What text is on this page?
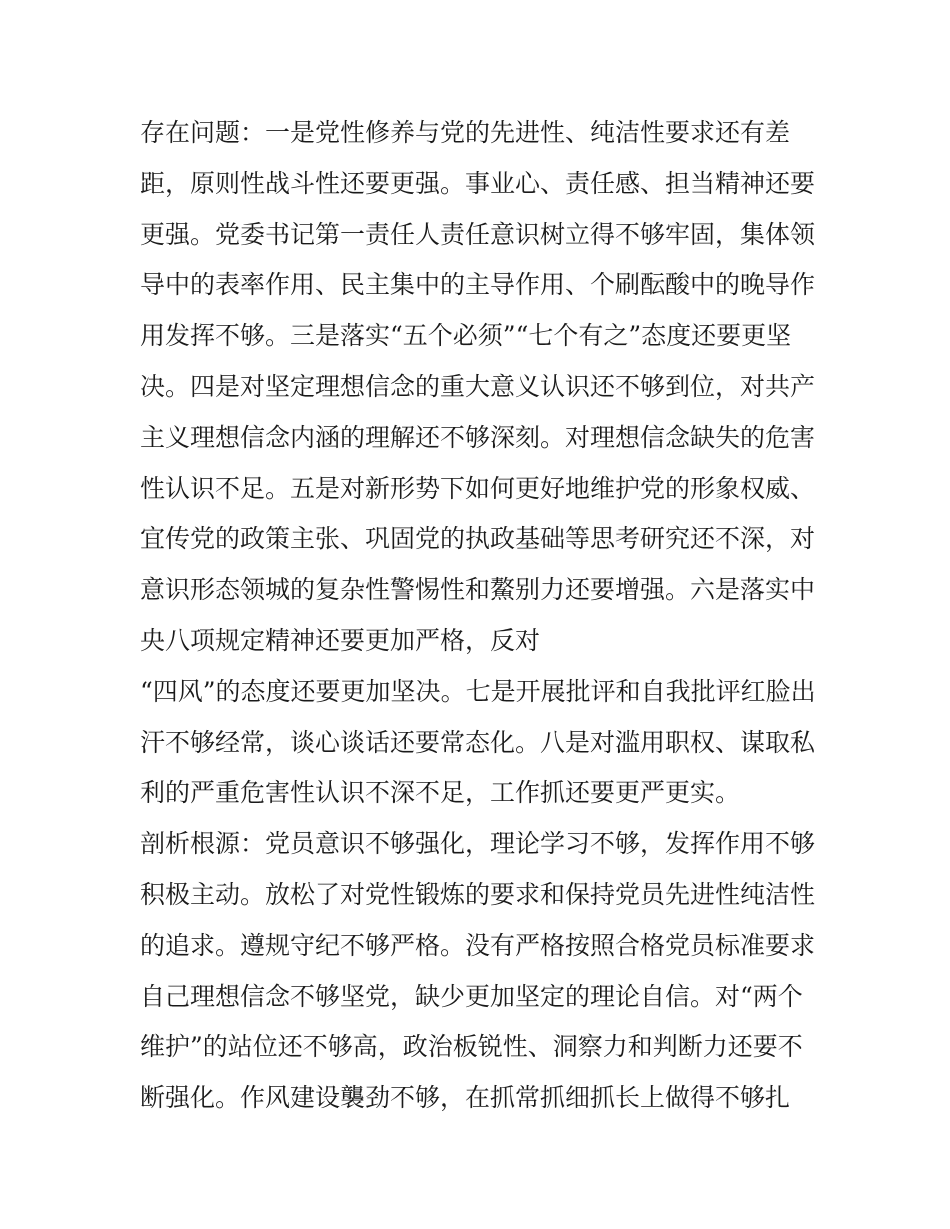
存在问题：一是党性修养与党的先进性、纯洁性要求还有差
距，原则性战斗性还要更强。事业心、责任感、担当精神还要
更强。党委书记第一责任人责任意识树立得不够牢固，集体领
导中的表率作用、民主集中的主导作用、个刷酝酸中的晚导作
用发挥不够。三是落实“五个必须”“七个有之”态度还要更坚
决。四是对坚定理想信念的重大意义认识还不够到位，对共产
主义理想信念内涵的理解还不够深刻。对理想信念缺失的危害
性认识不足。五是对新形势下如何更好地维护党的形象权威、
宜传党的政策主张、巩固党的执政基础等思考研究还不深，对
意识形态领城的复杂性警惕性和鰲别力还要增强。六是落实中
央八项规定精神还要更加严格，反对
“四风”的态度还要更加坚决。七是开展批评和自我批评红脸出
汗不够经常，谈心谈话还要常态化。八是对滥用职权、谋取私
利的严重危害性认识不深不足，工作抓还要更严更实。
剖析根源：党员意识不够强化，理论学习不够，发挥作用不够
积极主动。放松了对党性锻炼的要求和保持党员先进性纯洁性
的追求。遵规守纪不够严格。没有严格按照合格党员标准要求
自己理想信念不够坚党，缺少更加坚定的理论自信。对“两个
维护”的站位还不够高，政治板锐性、洞察力和判断力还要不
断强化。作风建设襲劲不够，在抓常抓细抓长上做得不够扎
